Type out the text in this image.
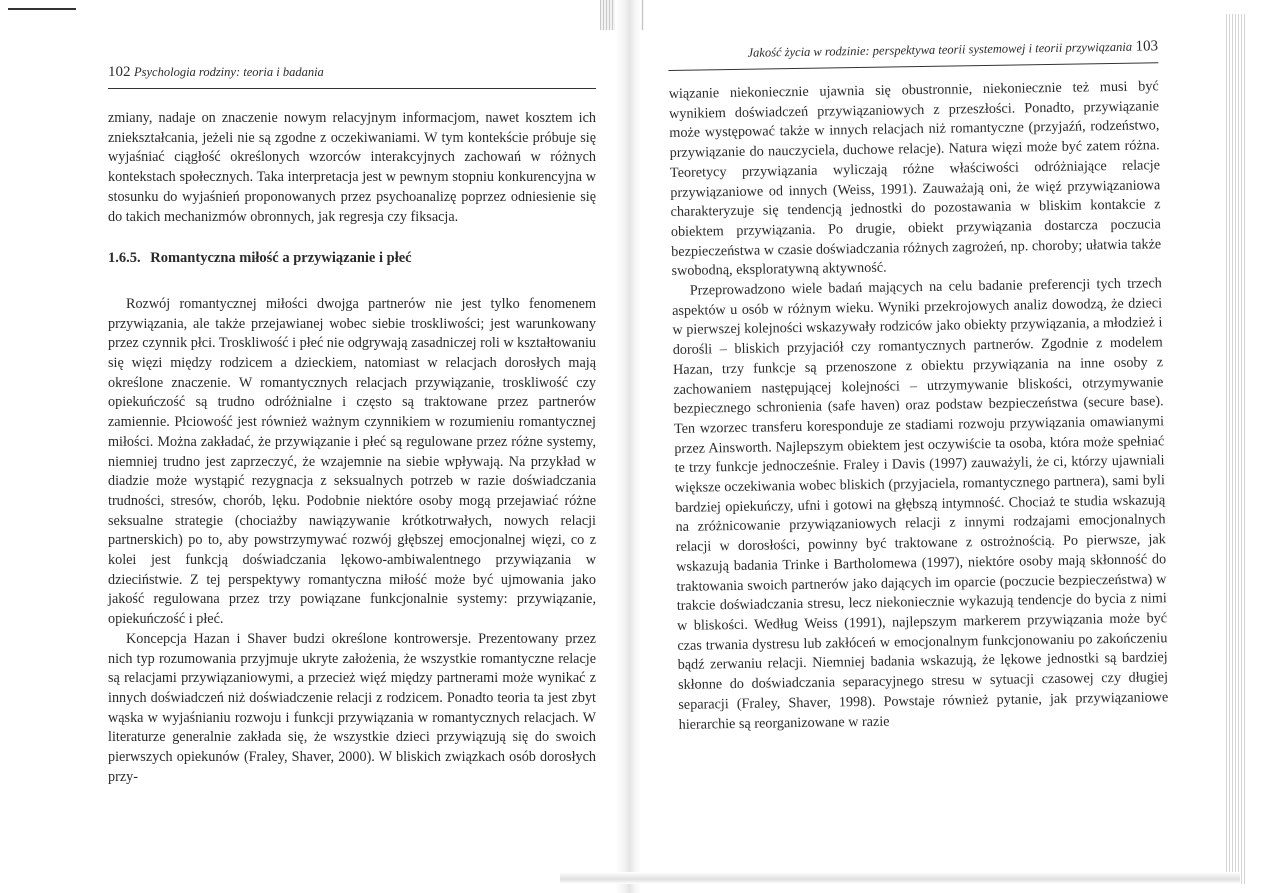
102 Psychologia rodziny: teoria i badania

zmiany, nadaje on znaczenie nowym relacyjnym informacjom, nawet kosztem ich zniekształcania, jeżeli nie są zgodne z oczekiwaniami. W tym kontekście próbuje się wyjaśniać ciągłość określonych wzorców interakcyjnych zachowań w różnych kontekstach społecznych. Taka interpretacja jest w pewnym stopniu konkurencyjna w stosunku do wyjaśnień proponowanych przez psychoanalizę poprzez odniesienie się do takich mechanizmów obronnych, jak regresja czy fiksacja.

1.6.5. Romantyczna miłość a przywiązanie i płeć

Rozwój romantycznej miłości dwojga partnerów nie jest tylko fenomenem przywiązania, ale także przejawianej wobec siebie troskliwości; jest warunkowany przez czynnik płci. Troskliwość i płeć nie odgrywają zasadniczej roli w kształtowaniu się więzi między rodzicem a dzieckiem, natomiast w relacjach dorosłych mają określone znaczenie. W romantycznych relacjach przywiązanie, troskliwość czy opiekuńczość są trudno odróżnialne i często są traktowane przez partnerów zamiennie. Płciowość jest również ważnym czynnikiem w rozumieniu romantycznej miłości. Można zakładać, że przywiązanie i płeć są regulowane przez różne systemy, niemniej trudno jest zaprzeczyć, że wzajemnie na siebie wpływają. Na przykład w diadzie może wystąpić rezygnacja z seksualnych potrzeb w razie doświadczania trudności, stresów, chorób, lęku. Podobnie niektóre osoby mogą przejawiać różne seksualne strategie (chociażby nawiązywanie krótkotrwałych, nowych relacji partnerskich) po to, aby powstrzymywać rozwój głębszej emocjonalnej więzi, co z kolei jest funkcją doświadczania lękowo-ambiwalentnego przywiązania w dzieciństwie. Z tej perspektywy romantyczna miłość może być ujmowania jako jakość regulowana przez trzy powiązane funkcjonalnie systemy: przywiązanie, opiekuńczość i płeć.

Koncepcja Hazan i Shaver budzi określone kontrowersje. Prezentowany przez nich typ rozumowania przyjmuje ukryte założenia, że wszystkie romantyczne relacje są relacjami przywiązaniowymi, a przecież więź między partnerami może wynikać z innych doświadczeń niż doświadczenie relacji z rodzicem. Ponadto teoria ta jest zbyt wąska w wyjaśnianiu rozwoju i funkcji przywiązania w romantycznych relacjach. W literaturze generalnie zakłada się, że wszystkie dzieci przywiązują się do swoich pierwszych opiekunów (Fraley, Shaver, 2000). W bliskich związkach osób dorosłych przy-

Jakość życia w rodzinie: perspektywa teorii systemowej i teorii przywiązania 103

wiązanie niekoniecznie ujawnia się obustronnie, niekoniecznie też musi być wynikiem doświadczeń przywiązaniowych z przeszłości. Ponadto, przywiązanie może występować także w innych relacjach niż romantyczne (przyjaźń, rodzeństwo, przywiązanie do nauczyciela, duchowe relacje). Natura więzi może być zatem różna. Teoretycy przywiązania wyliczają różne właściwości odróżniające relacje przywiązaniowe od innych (Weiss, 1991). Zauważają oni, że więź przywiązaniowa charakteryzuje się tendencją jednostki do pozostawania w bliskim kontakcie z obiektem przywiązania. Po drugie, obiekt przywiązania dostarcza poczucia bezpieczeństwa w czasie doświadczania różnych zagrożeń, np. choroby; ułatwia także swobodną, eksploratywną aktywność.

Przeprowadzono wiele badań mających na celu badanie preferencji tych trzech aspektów u osób w różnym wieku. Wyniki przekrojowych analiz dowodzą, że dzieci w pierwszej kolejności wskazywały rodziców jako obiekty przywiązania, a młodzież i dorośli – bliskich przyjaciół czy romantycznych partnerów. Zgodnie z modelem Hazan, trzy funkcje są przenoszone z obiektu przywiązania na inne osoby z zachowaniem następującej kolejności – utrzymywanie bliskości, otrzymywanie bezpiecznego schronienia (safe haven) oraz podstaw bezpieczeństwa (secure base). Ten wzorzec transferu koresponduje ze stadiami rozwoju przywiązania omawianymi przez Ainsworth. Najlepszym obiektem jest oczywiście ta osoba, która może spełniać te trzy funkcje jednocześnie. Fraley i Davis (1997) zauważyli, że ci, którzy ujawniali większe oczekiwania wobec bliskich (przyjaciela, romantycznego partnera), sami byli bardziej opiekuńczy, ufni i gotowi na głębszą intymność. Chociaż te studia wskazują na zróżnicowanie przywiązaniowych relacji z innymi rodzajami emocjonalnych relacji w dorosłości, powinny być traktowane z ostrożnością. Po pierwsze, jak wskazują badania Trinke i Bartholomewa (1997), niektóre osoby mają skłonność do traktowania swoich partnerów jako dających im oparcie (poczucie bezpieczeństwa) w trakcie doświadczania stresu, lecz niekoniecznie wykazują tendencje do bycia z nimi w bliskości. Według Weiss (1991), najlepszym markerem przywiązania może być czas trwania dystresu lub zakłóceń w emocjonalnym funkcjonowaniu po zakończeniu bądź zerwaniu relacji. Niemniej badania wskazują, że lękowe jednostki są bardziej skłonne do doświadczania separacyjnego stresu w sytuacji czasowej czy długiej separacji (Fraley, Shaver, 1998). Powstaje również pytanie, jak przywiązaniowe hierarchie są reorganizowane w razie
